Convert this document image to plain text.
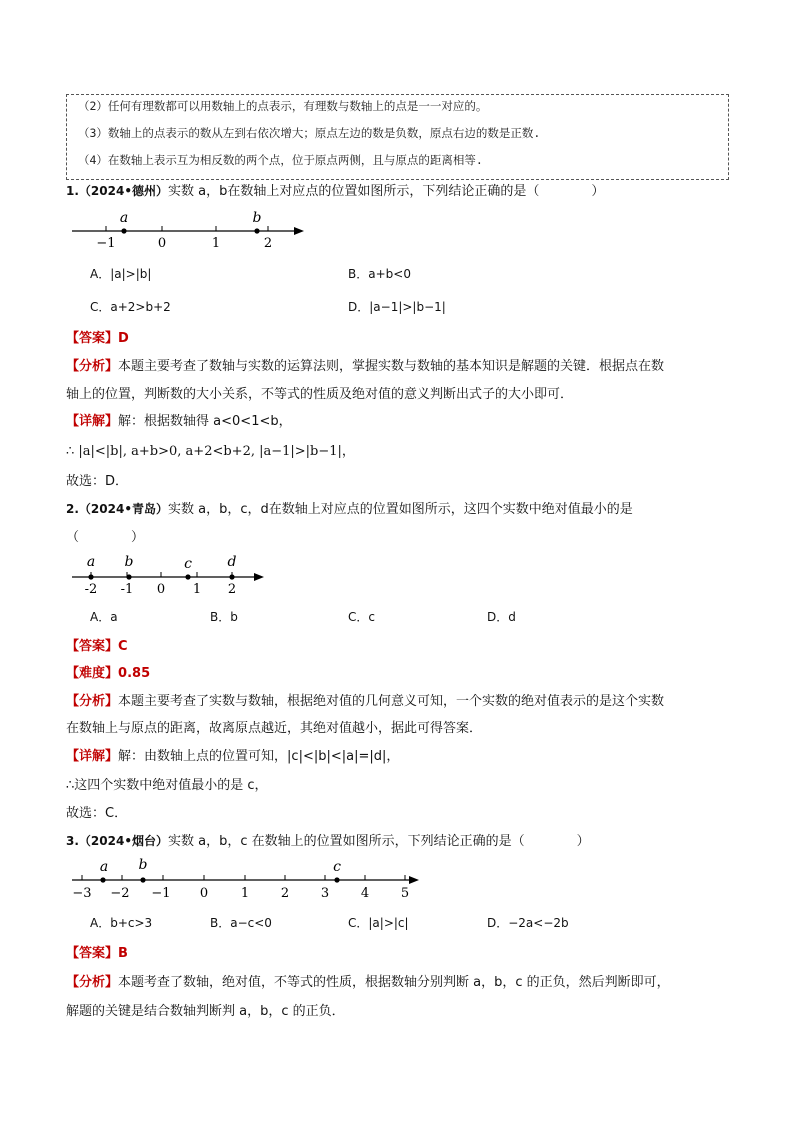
（2）任何有理数都可以用数轴上的点表示，有理数与数轴上的点是一一对应的。
（3）数轴上的点表示的数从左到右依次增大；原点左边的数是负数，原点右边的数是正数.
（4）在数轴上表示互为相反数的两个点，位于原点两侧，且与原点的距离相等.
1.（2024•德州）实数 a，b在数轴上对应点的位置如图所示，下列结论正确的是（　　　　）
−1	0	1	2
a	b
A．|a|>|b|	B．a+b<0
C．a+2>b+2	D．|a−1|>|b−1|
【答案】D
【分析】本题主要考查了数轴与实数的运算法则，掌握实数与数轴的基本知识是解题的关键．根据点在数
轴上的位置，判断数的大小关系，不等式的性质及绝对值的意义判断出式子的大小即可．
【详解】解：根据数轴得 a<0<1<b，
∴ |a|<|b|, a+b>0, a+2<b+2, |a−1|>|b−1|，
故选：D．
2.（2024•青岛）实数 a，b，c，d在数轴上对应点的位置如图所示，这四个实数中绝对值最小的是
（　　　　）
-2 -1 0 1 2
a b	c	d
A．a	B．b	C．c	D．d
【答案】C
【难度】0.85
【分析】本题主要考查了实数与数轴，根据绝对值的几何意义可知，一个实数的绝对值表示的是这个实数
在数轴上与原点的距离，故离原点越近，其绝对值越小，据此可得答案．
【详解】解：由数轴上点的位置可知，|c|<|b|<|a|=|d|，
∴这四个实数中绝对值最小的是 c，
故选：C．
3.（2024•烟台）实数 a，b，c 在数轴上的位置如图所示，下列结论正确的是（　　　　）
−3 −2 −1 0	1 2 3 4 5
a b	c
A．b+c>3	B．a−c<0	C．|a|>|c|	D．−2a<−2b
【答案】B
【分析】本题考查了数轴，绝对值，不等式的性质，根据数轴分别判断 a，b，c 的正负，然后判断即可，
解题的关键是结合数轴判断判 a，b，c 的正负．
